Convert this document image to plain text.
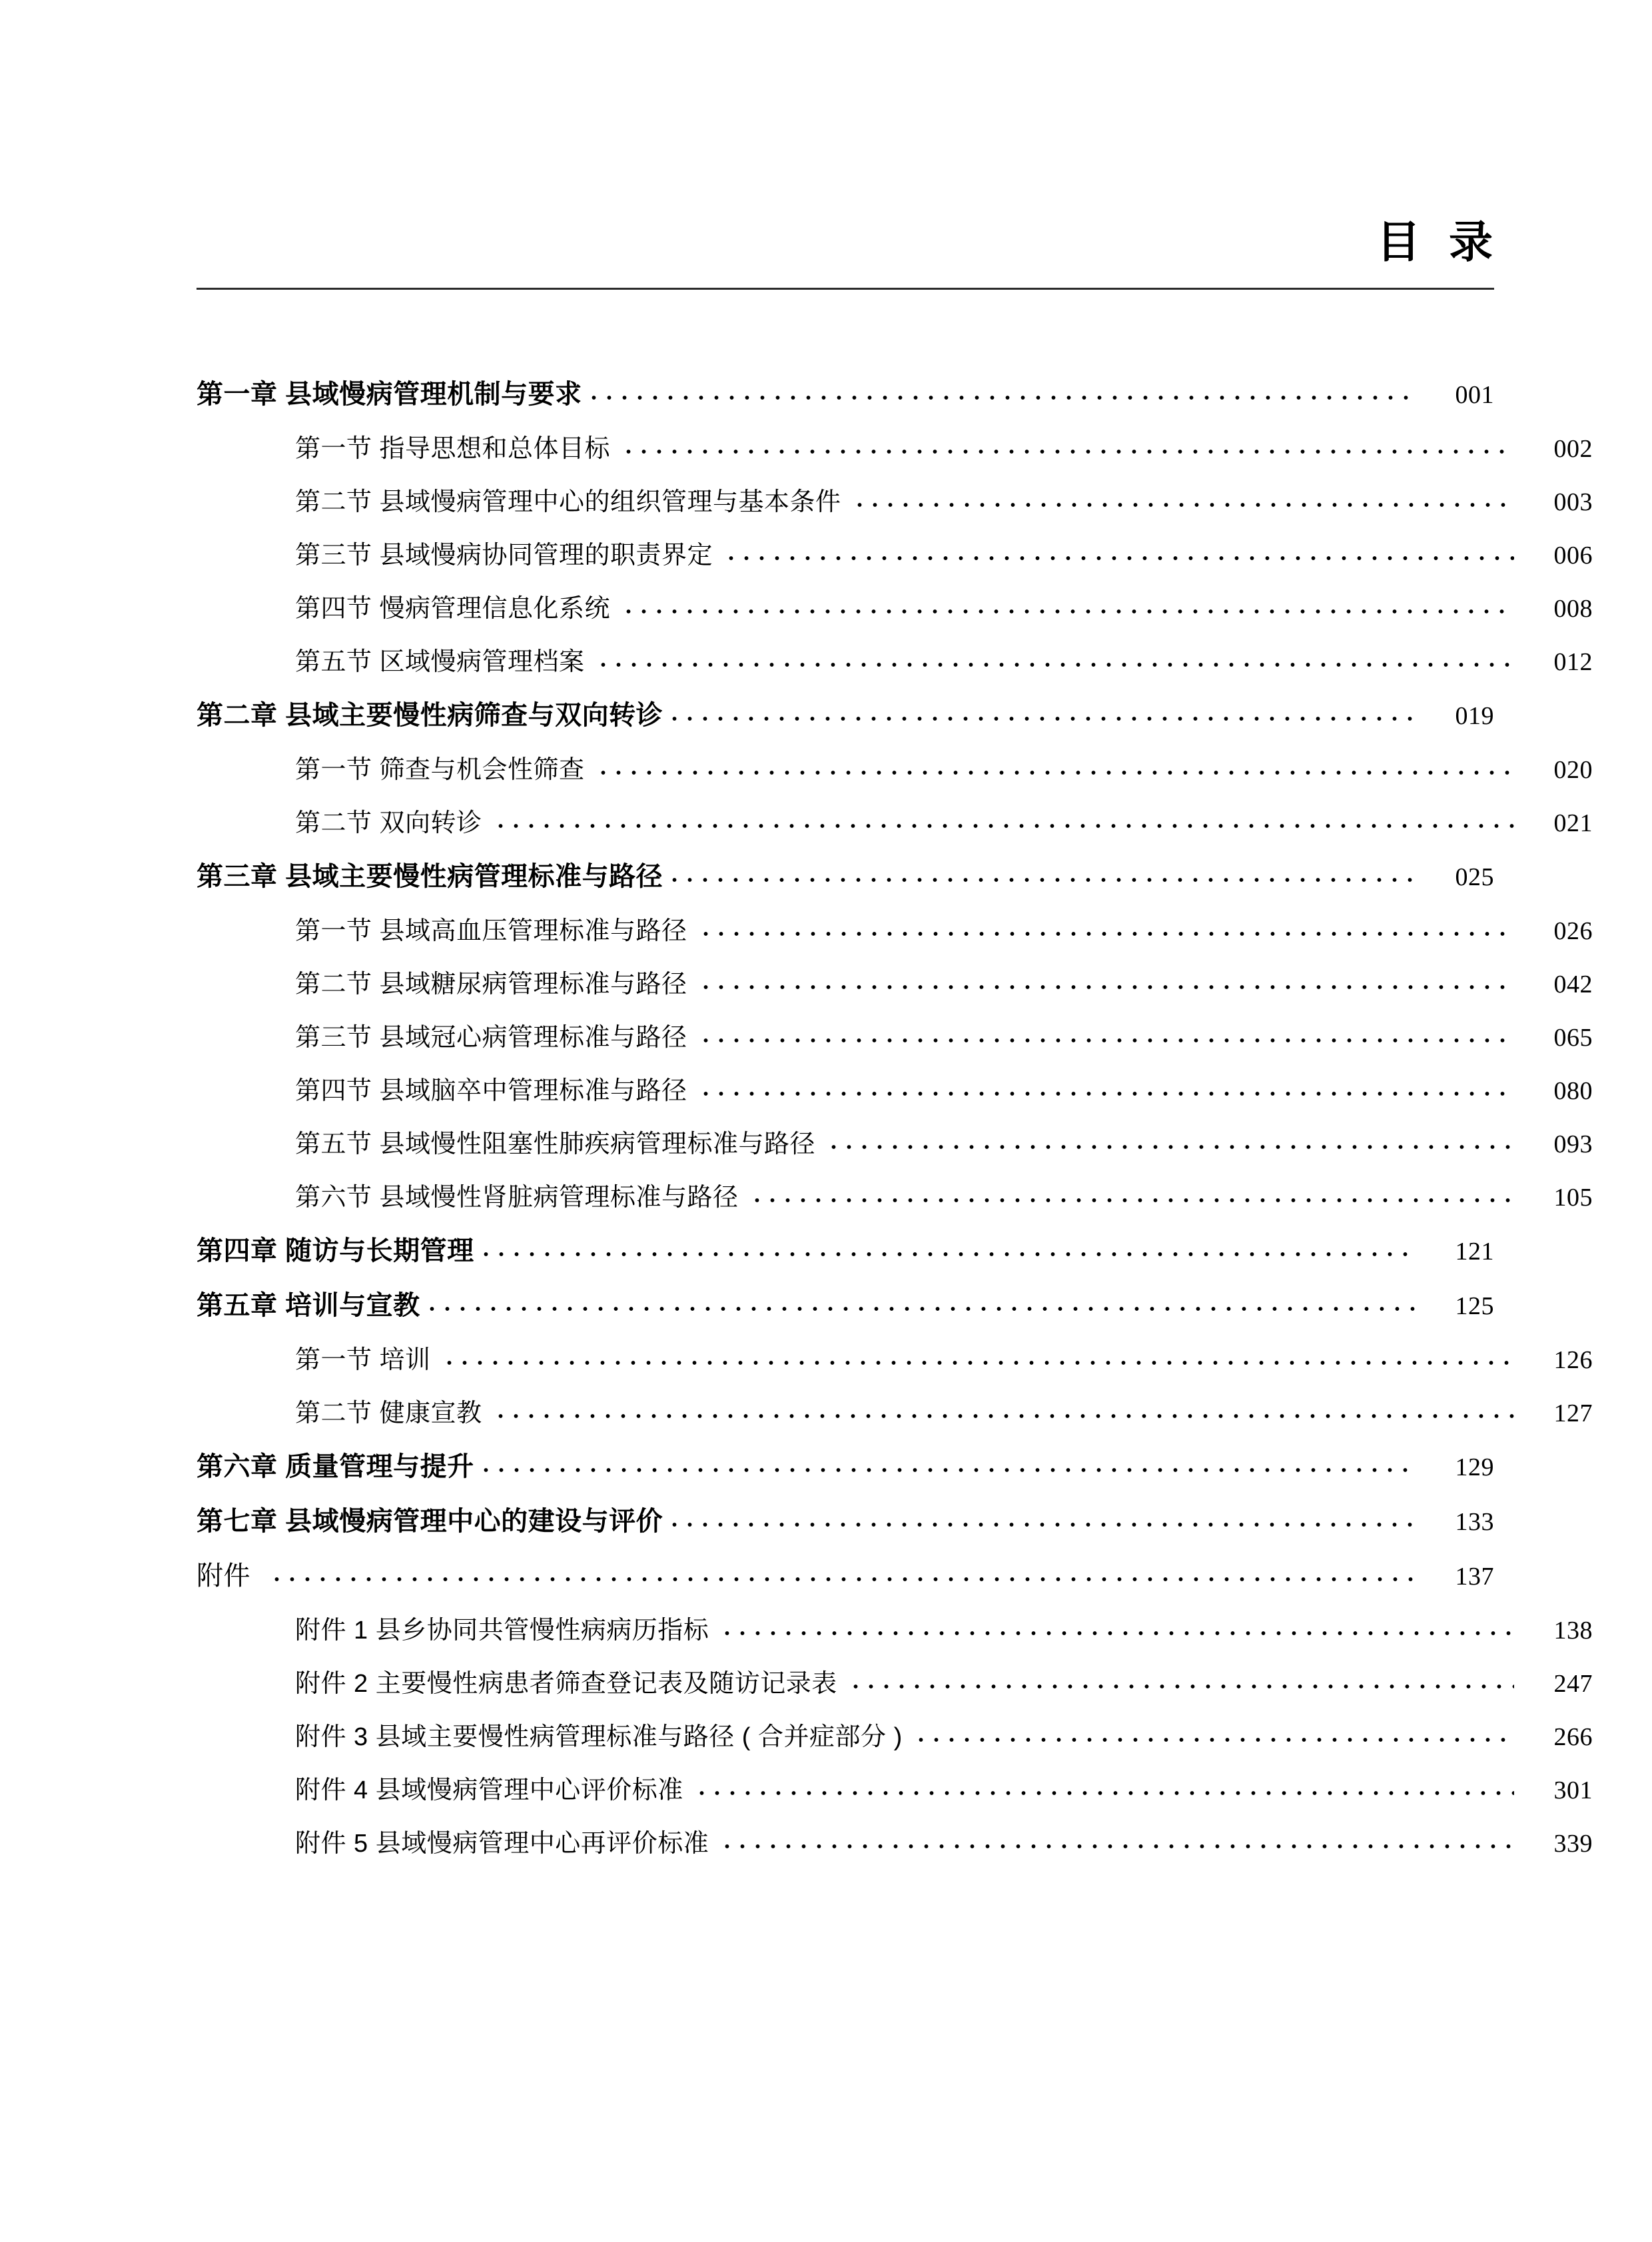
目  录
第一章 县域慢病管理机制与要求	001
第一节 指导思想和总体目标	002
第二节 县域慢病管理中心的组织管理与基本条件	003
第三节 县域慢病协同管理的职责界定	006
第四节 慢病管理信息化系统	008
第五节 区域慢病管理档案	012
第二章 县域主要慢性病筛查与双向转诊	019
第一节 筛查与机会性筛查	020
第二节 双向转诊	021
第三章 县域主要慢性病管理标准与路径	025
第一节 县域高血压管理标准与路径	026
第二节 县域糖尿病管理标准与路径	042
第三节 县域冠心病管理标准与路径	065
第四节 县域脑卒中管理标准与路径	080
第五节 县域慢性阻塞性肺疾病管理标准与路径	093
第六节 县域慢性肾脏病管理标准与路径	105
第四章 随访与长期管理	121
第五章 培训与宣教	125
第一节 培训	126
第二节 健康宣教	127
第六章 质量管理与提升	129
第七章 县域慢病管理中心的建设与评价	133
附件	137
附件 1 县乡协同共管慢性病病历指标	138
附件 2 主要慢性病患者筛查登记表及随访记录表	247
附件 3 县域主要慢性病管理标准与路径 ( 合并症部分 )	266
附件 4 县域慢病管理中心评价标准	301
附件 5 县域慢病管理中心再评价标准	339
